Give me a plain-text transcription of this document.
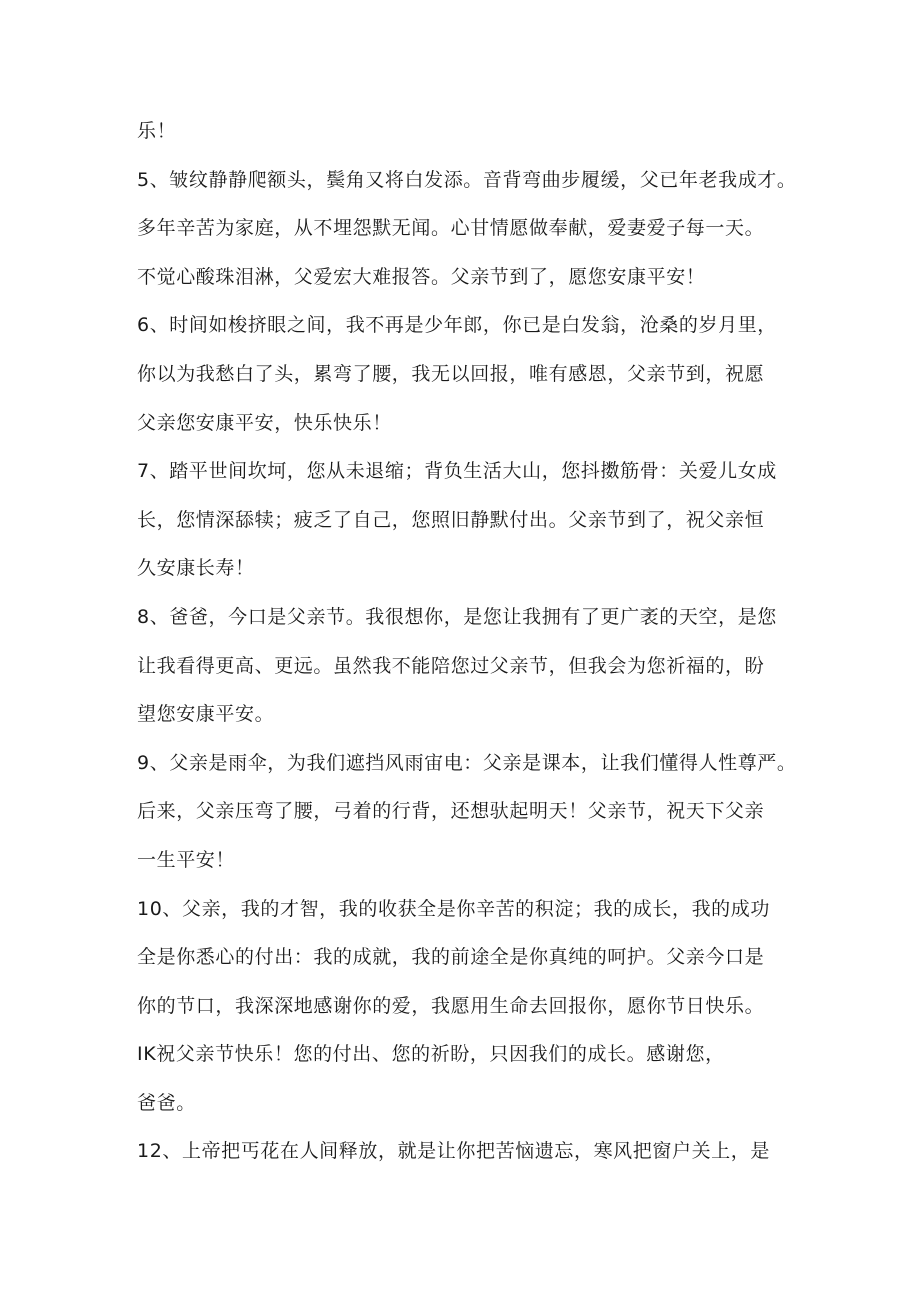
乐！
5、皱纹静静爬额头，鬓角又将白发添。音背弯曲步履缓，父已年老我成才。
多年辛苦为家庭，从不埋怨默无闻。心甘情愿做奉献，爱妻爱子每一天。
不觉心酸珠泪淋，父爱宏大难报答。父亲节到了，愿您安康平安！
6、时间如梭挤眼之间，我不再是少年郎，你已是白发翁，沧桑的岁月里，
你以为我愁白了头，累弯了腰，我无以回报，唯有感恩，父亲节到，祝愿
父亲您安康平安，快乐快乐！
7、踏平世间坎坷，您从未退缩；背负生活大山，您抖擞筋骨：关爱儿女成
长，您情深舔犊；疲乏了自己，您照旧静默付出。父亲节到了，祝父亲恒
久安康长寿！
8、爸爸，今口是父亲节。我很想你，是您让我拥有了更广袤的天空，是您
让我看得更高、更远。虽然我不能陪您过父亲节，但我会为您祈福的，盼
望您安康平安。
9、父亲是雨伞，为我们遮挡风雨宙电：父亲是课本，让我们懂得人性尊严。
后来，父亲压弯了腰，弓着的行背，还想驮起明天！父亲节，祝天下父亲
一生平安！
10、父亲，我的才智，我的收获全是你辛苦的积淀；我的成长，我的成功
全是你悉心的付出：我的成就，我的前途全是你真纯的呵护。父亲今口是
你的节口，我深深地感谢你的爱，我愿用生命去回报你，愿你节日快乐。
IK祝父亲节快乐！您的付出、您的祈盼，只因我们的成长。感谢您，
爸爸。
12、上帝把丐花在人间释放，就是让你把苦恼遗忘，寒风把窗户关上，是
